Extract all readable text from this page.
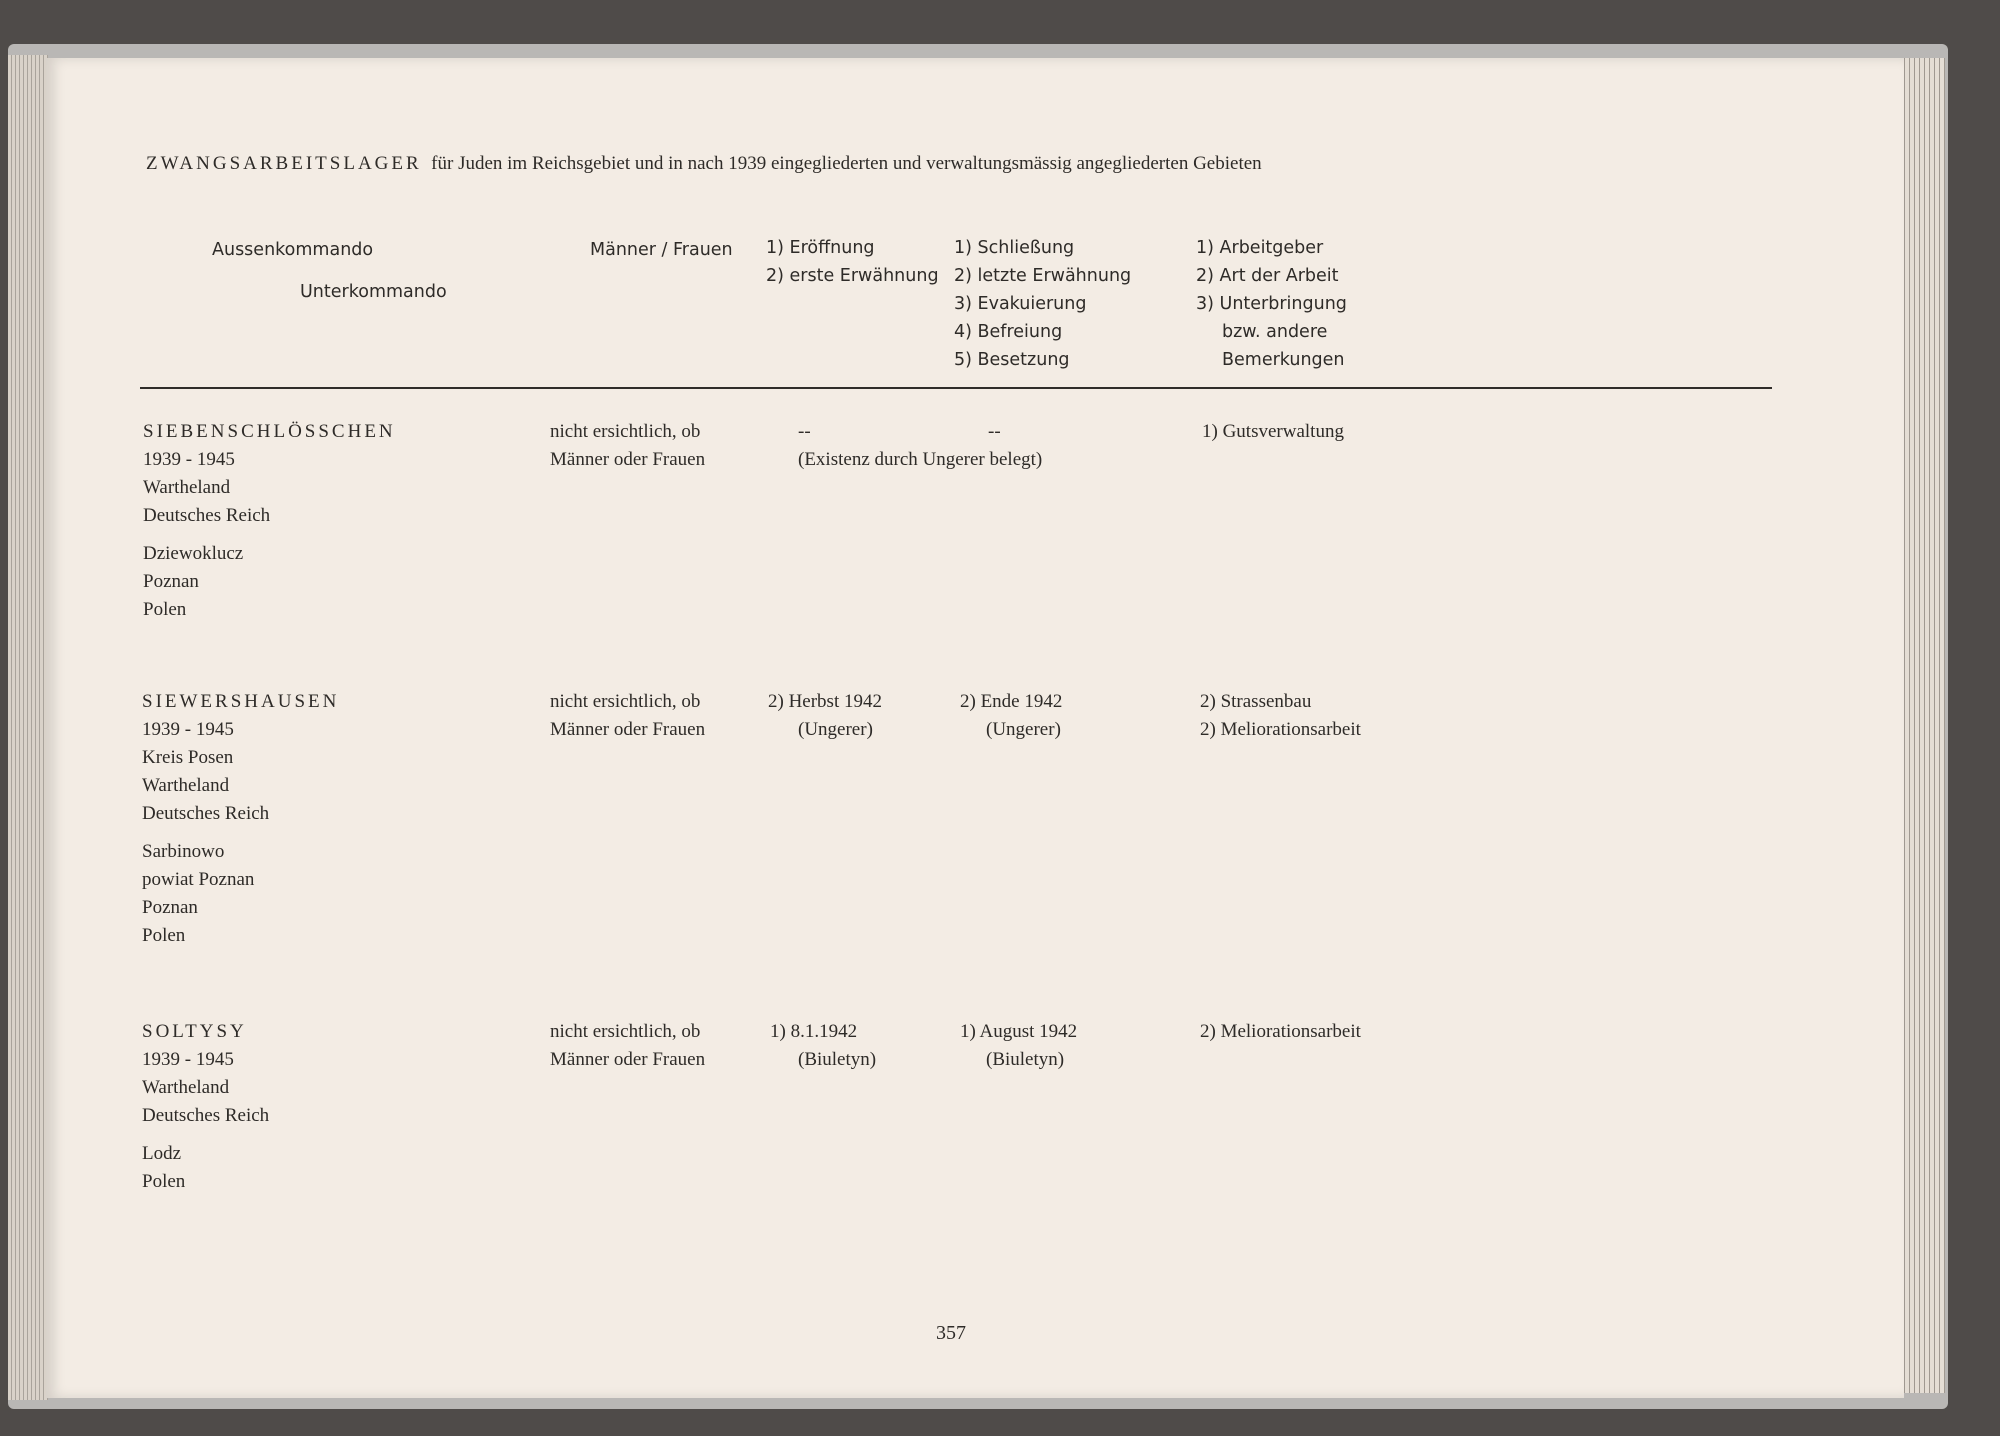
ZWANGSARBEITSLAGER für Juden im Reichsgebiet und in nach 1939 eingegliederten und verwaltungsmässig angegliederten Gebieten
Aussenkommando
Unterkommando
Männer / Frauen 1) Eröffnung
2) erste Erwähnung
1) Schließung
2) letzte Erwähnung
3) Evakuierung
4) Befreiung
5) Besetzung
1) Arbeitgeber
2) Art der Arbeit
3) Unterbringung
bzw. andere
Bemerkungen
SIEBENSCHLÖSSCHEN
1939 - 1945
Wartheland
Deutsches Reich
Dziewoklucz
Poznan
Polen
nicht ersichtlich, ob
Männer oder Frauen
--
(Existenz durch Ungerer belegt)
--	1) Gutsverwaltung
SIEWERSHAUSEN
1939 - 1945
Kreis Posen
Wartheland
Deutsches Reich
Sarbinowo
powiat Poznan
Poznan
Polen
nicht ersichtlich, ob
Männer oder Frauen
2) Herbst 1942
(Ungerer)
2) Ende 1942
(Ungerer)
2) Strassenbau
2) Meliorationsarbeit
SOLTYSY
1939 - 1945
Wartheland
Deutsches Reich
Lodz
Polen
nicht ersichtlich, ob
Männer oder Frauen
1) 8.1.1942
(Biuletyn)
1) August 1942
(Biuletyn)
2) Meliorationsarbeit
357
